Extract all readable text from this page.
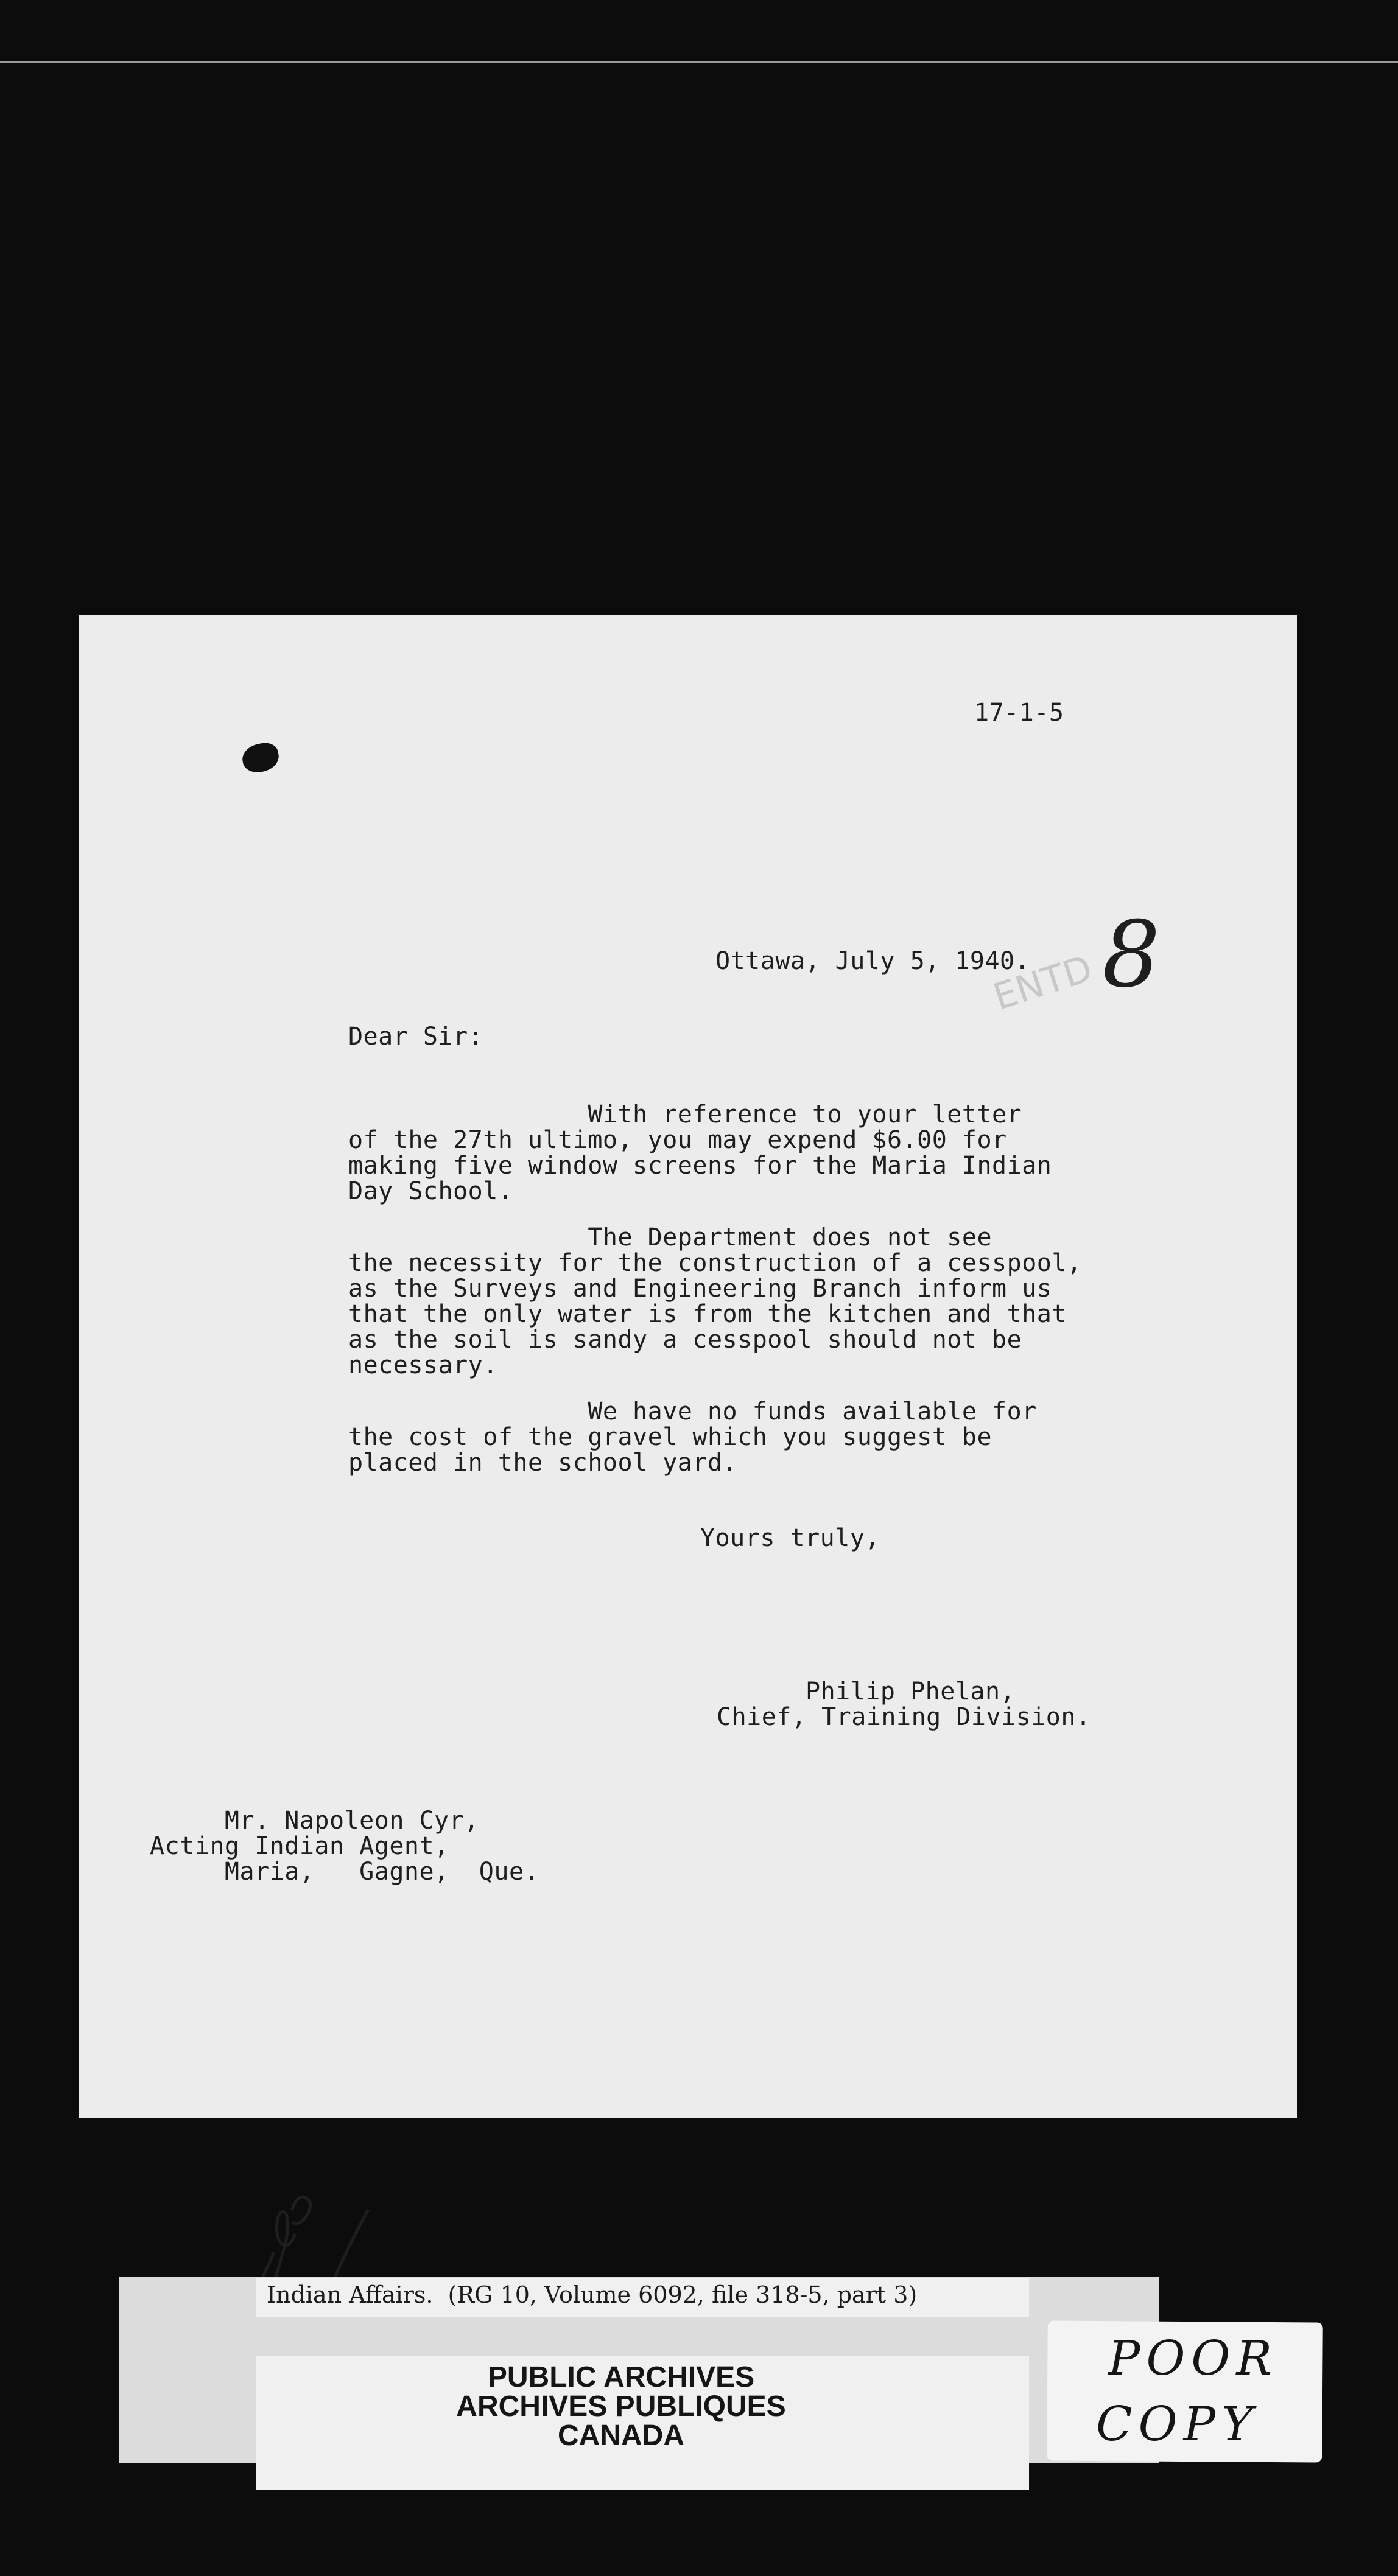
17-1-5
Ottawa, July 5, 1940. 8
ENTD
Dear Sir:
With reference to your letter
of the 27th ultimo, you may expend $6.00 for
making five window screens for the Maria Indian
Day School.
The Department does not see
the necessity for the construction of a cesspool,
as the Surveys and Engineering Branch inform us
that the only water is from the kitchen and that
as the soil is sandy a cesspool should not be
necessary.
We have no funds available for
the cost of the gravel which you suggest be
placed in the school yard.
Yours truly,
Philip Phelan,
Chief, Training Division.
Mr. Napoleon Cyr,
Acting Indian Agent,
Maria,   Gagne,  Que.
Indian Affairs.  (RG 10, Volume 6092, file 318-5, part 3)
PUBLIC ARCHIVES
ARCHIVES PUBLIQUES
CANADA
POOR
COPY
